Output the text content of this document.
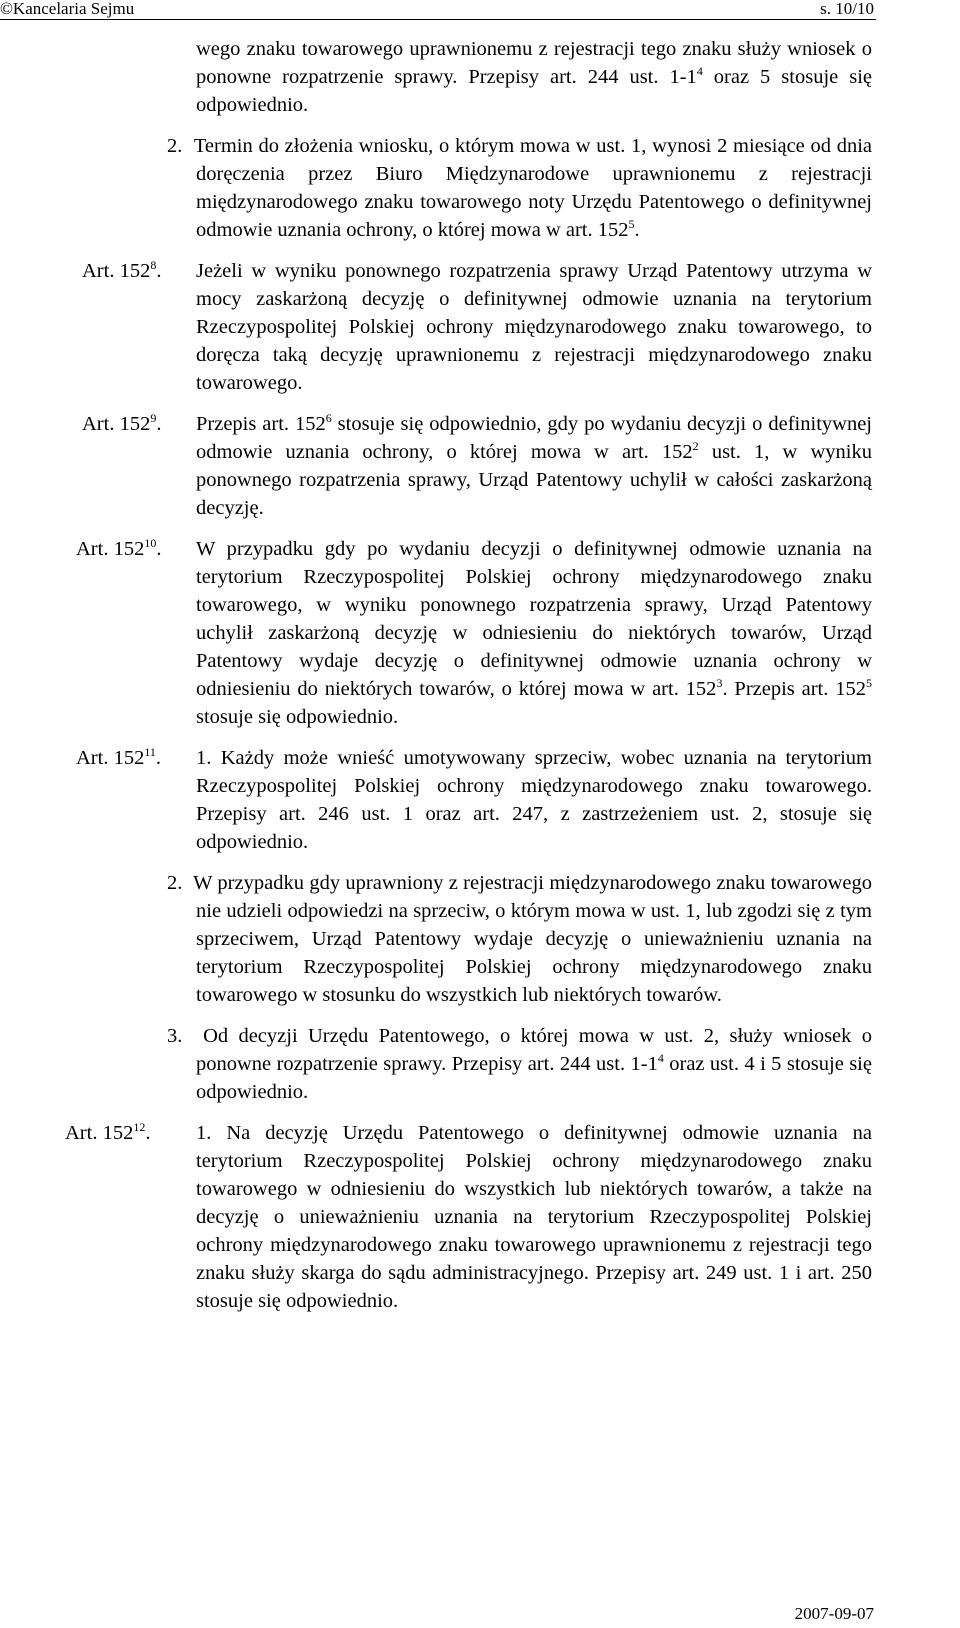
©Kancelaria Sejmu	s. 10/10

wego znaku towarowego uprawnionemu z rejestracji tego znaku służy wniosek o ponowne rozpatrzenie sprawy. Przepisy art. 244 ust. $1-1^4$ oraz 5 stosuje się odpowiednio.

2. Termin do złożenia wniosku, o którym mowa w ust. 1, wynosi 2 miesiące od dnia doręczenia przez Biuro Międzynarodowe uprawnionemu z rejestracji międzynarodowego znaku towarowego noty Urzędu Patentowego o definitywnej odmowie uznania ochrony, o której mowa w art. $152^5$.

Art. $152^8$. Jeżeli w wyniku ponownego rozpatrzenia sprawy Urząd Patentowy utrzyma w mocy zaskarżoną decyzję o definitywnej odmowie uznania na terytorium Rzeczypospolitej Polskiej ochrony międzynarodowego znaku towarowego, to doręcza taką decyzję uprawnionemu z rejestracji międzynarodowego znaku towarowego.

Art. $152^9$. Przepis art. $152^6$ stosuje się odpowiednio, gdy po wydaniu decyzji o definitywnej odmowie uznania ochrony, o której mowa w art. $152^2$ ust. 1, w wyniku ponownego rozpatrzenia sprawy, Urząd Patentowy uchylił w całości zaskarżoną decyzję.

Art. $152^{10}$. W przypadku gdy po wydaniu decyzji o definitywnej odmowie uznania na terytorium Rzeczypospolitej Polskiej ochrony międzynarodowego znaku towarowego, w wyniku ponownego rozpatrzenia sprawy, Urząd Patentowy uchylił zaskarżoną decyzję w odniesieniu do niektórych towarów, Urząd Patentowy wydaje decyzję o definitywnej odmowie uznania ochrony w odniesieniu do niektórych towarów, o której mowa w art. $152^3$. Przepis art. $152^5$ stosuje się odpowiednio.

Art. $152^{11}$. 1. Każdy może wnieść umotywowany sprzeciw, wobec uznania na terytorium Rzeczypospolitej Polskiej ochrony międzynarodowego znaku towarowego. Przepisy art. 246 ust. 1 oraz art. 247, z zastrzeżeniem ust. 2, stosuje się odpowiednio.

2. W przypadku gdy uprawniony z rejestracji międzynarodowego znaku towarowego nie udzieli odpowiedzi na sprzeciw, o którym mowa w ust. 1, lub zgodzi się z tym sprzeciwem, Urząd Patentowy wydaje decyzję o unieważnieniu uznania na terytorium Rzeczypospolitej Polskiej ochrony międzynarodowego znaku towarowego w stosunku do wszystkich lub niektórych towarów.

3. Od decyzji Urzędu Patentowego, o której mowa w ust. 2, służy wniosek o ponowne rozpatrzenie sprawy. Przepisy art. 244 ust. $1-1^4$ oraz ust. 4 i 5 stosuje się odpowiednio.

Art. $152^{12}$. 1. Na decyzję Urzędu Patentowego o definitywnej odmowie uznania na terytorium Rzeczypospolitej Polskiej ochrony międzynarodowego znaku towarowego w odniesieniu do wszystkich lub niektórych towarów, a także na decyzję o unieważnieniu uznania na terytorium Rzeczypospolitej Polskiej ochrony międzynarodowego znaku towarowego uprawnionemu z rejestracji tego znaku służy skarga do sądu administracyjnego. Przepisy art. 249 ust. 1 i art. 250 stosuje się odpowiednio.

2007-09-07
